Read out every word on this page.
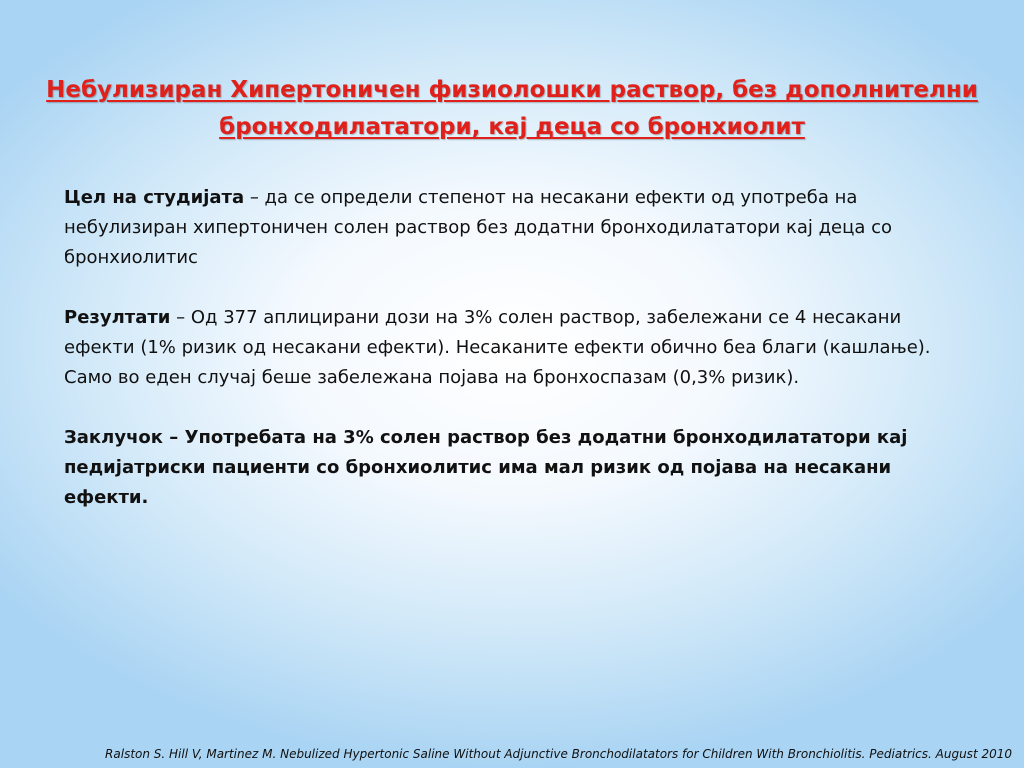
Небулизиран Хипертоничен физиолошки раствор, без дополнителни бронходилататори, кај деца со бронхиолит

Цел на студијата – да се определи степенот на несакани ефекти од употреба на небулизиран хипертоничен солен раствор без додатни бронходилататори кај деца со бронхиолитис

Резултати – Од 377 аплицирани дози на 3% солен раствор, забележани се 4 несакани ефекти (1% ризик од несакани ефекти). Несаканите ефекти обично беа благи (кашлање). Само во еден случај беше забележана појава на бронхоспазам (0,3% ризик).

Заклучок – Употребата на 3% солен раствор без додатни бронходилататори кај педијатриски пациенти со бронхиолитис има мал ризик од појава на несакани ефекти.

Ralston S. Hill V, Martinez M. Nebulized Hypertonic Saline Without Adjunctive Bronchodilatators for Children With Bronchiolitis. Pediatrics. August 2010
